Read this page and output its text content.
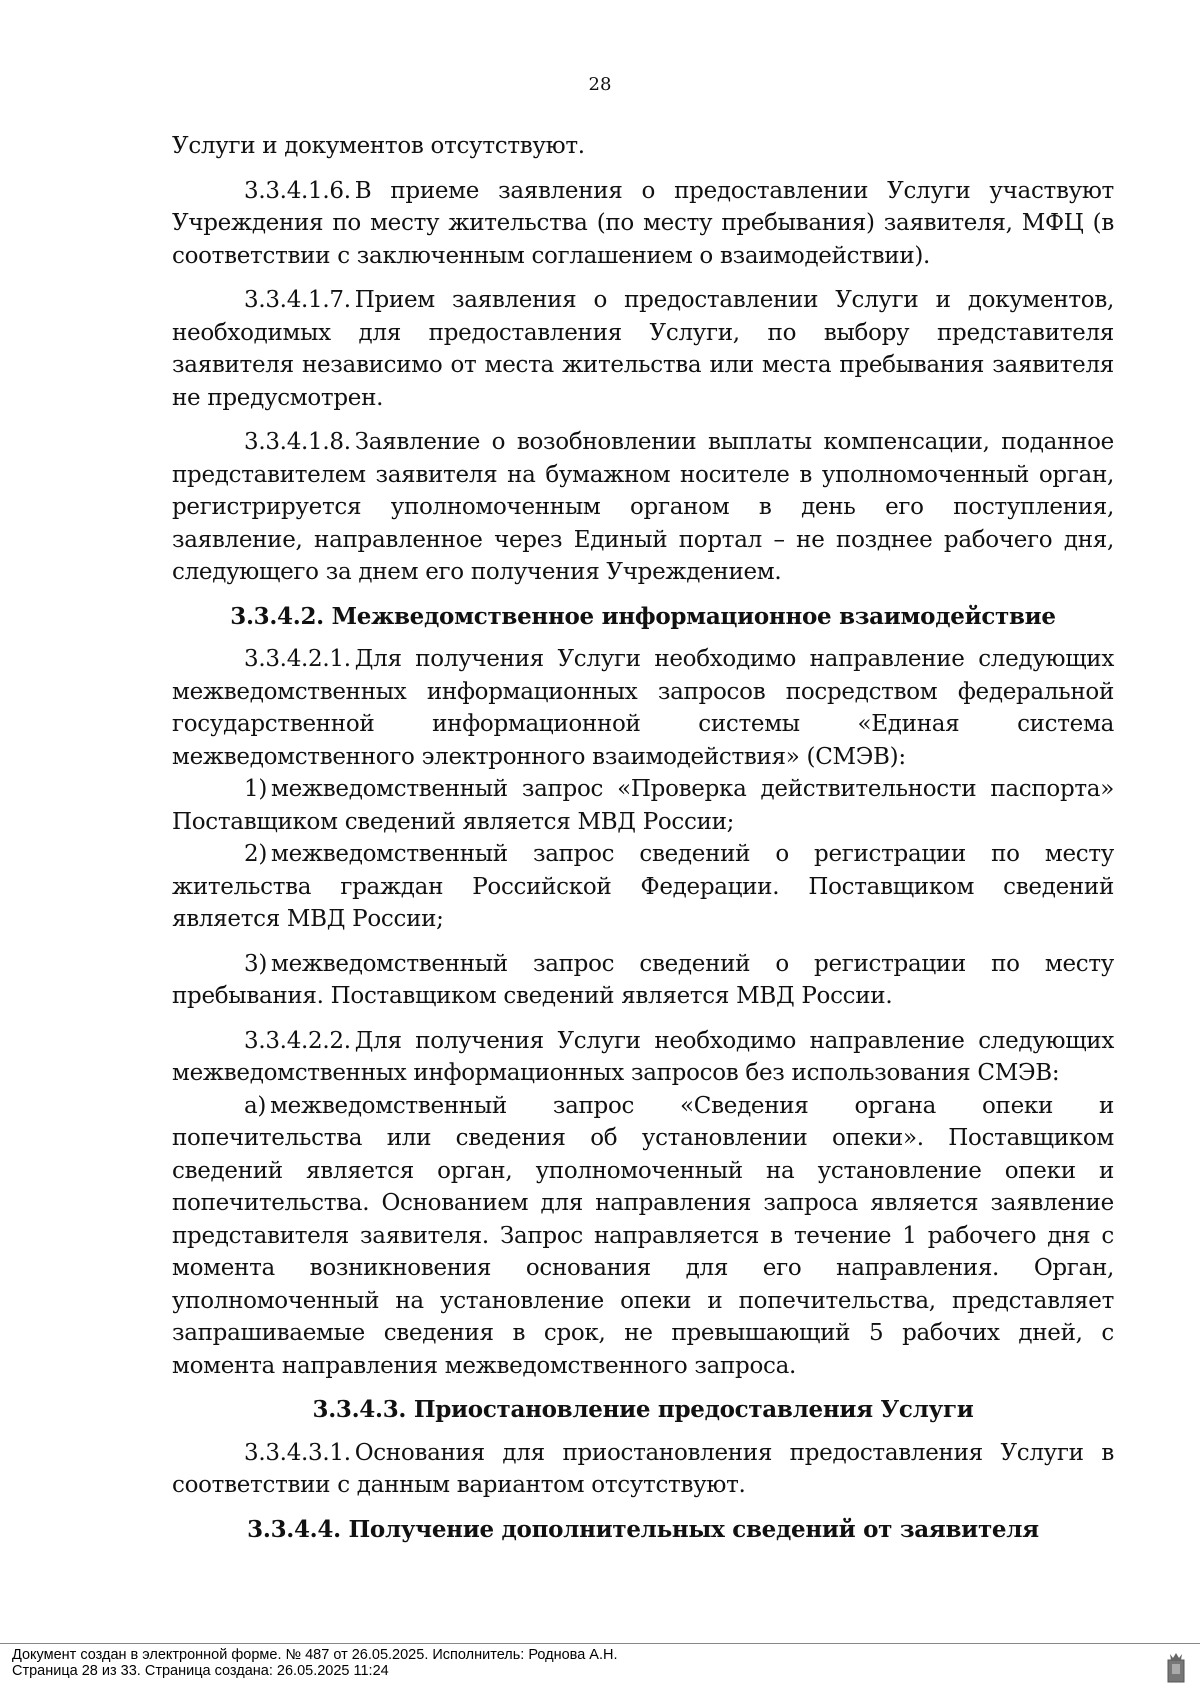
28

Услуги и документов отсутствуют.

3.3.4.1.6. В приеме заявления о предоставлении Услуги участвуют Учреждения по месту жительства (по месту пребывания) заявителя, МФЦ (в соответствии с заключенным соглашением о взаимодействии).

3.3.4.1.7. Прием заявления о предоставлении Услуги и документов, необходимых для предоставления Услуги, по выбору представителя заявителя независимо от места жительства или места пребывания заявителя не предусмотрен.

3.3.4.1.8. Заявление о возобновлении выплаты компенсации, поданное представителем заявителя на бумажном носителе в уполномоченный орган, регистрируется уполномоченным органом в день его поступления, заявление, направленное через Единый портал – не позднее рабочего дня, следующего за днем его получения Учреждением.

3.3.4.2. Межведомственное информационное взаимодействие

3.3.4.2.1. Для получения Услуги необходимо направление следующих межведомственных информационных запросов посредством федеральной государственной информационной системы «Единая система межведомственного электронного взаимодействия» (СМЭВ):

1) межведомственный запрос «Проверка действительности паспорта» Поставщиком сведений является МВД России;

2) межведомственный запрос сведений о регистрации по месту жительства граждан Российской Федерации. Поставщиком сведений является МВД России;

3) межведомственный запрос сведений о регистрации по месту пребывания. Поставщиком сведений является МВД России.

3.3.4.2.2. Для получения Услуги необходимо направление следующих межведомственных информационных запросов без использования СМЭВ:

а) межведомственный запрос «Сведения органа опеки и попечительства или сведения об установлении опеки». Поставщиком сведений является орган, уполномоченный на установление опеки и попечительства. Основанием для направления запроса является заявление представителя заявителя. Запрос направляется в течение 1 рабочего дня с момента возникновения основания для его направления. Орган, уполномоченный на установление опеки и попечительства, представляет запрашиваемые сведения в срок, не превышающий 5 рабочих дней, с момента направления межведомственного запроса.

3.3.4.3. Приостановление предоставления Услуги

3.3.4.3.1. Основания для приостановления предоставления Услуги в соответствии с данным вариантом отсутствуют.

3.3.4.4. Получение дополнительных сведений от заявителя

Документ создан в электронной форме. № 487 от 26.05.2025. Исполнитель: Роднова А.Н.
Страница 28 из 33. Страница создана: 26.05.2025 11:24
